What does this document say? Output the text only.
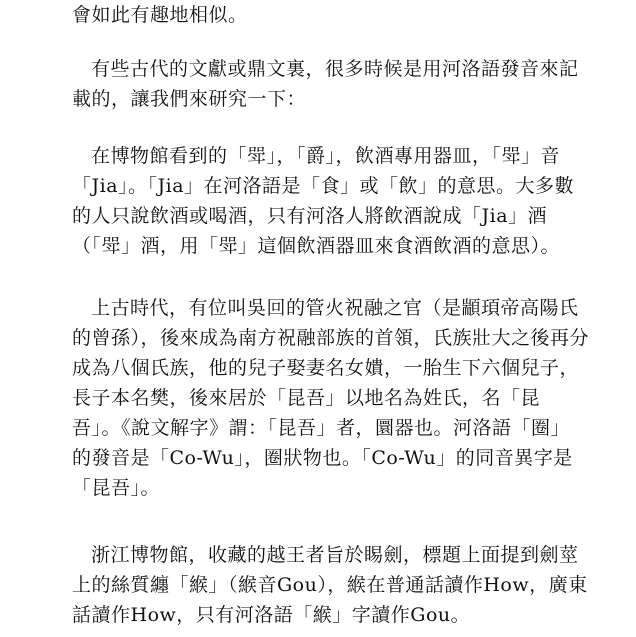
會如此有趣地相似。

有些古代的文獻或鼎文裏，很多時候是用河洛語發音來記
載的，讓我們來研究一下：

在博物館看到的「斝」，「爵」，飲酒專用器皿，「斝」音
「Jia」。「Jia」在河洛語是「食」或「飲」的意思。大多數
的人只說飲酒或喝酒，只有河洛人將飲酒說成「Jia」酒
（「斝」酒，用「斝」這個飲酒器皿來食酒飲酒的意思）。

上古時代，有位叫吳回的管火祝融之官（是顓頊帝高陽氏
的曾孫），後來成為南方祝融部族的首領，氏族壯大之後再分
成為八個氏族，他的兒子娶妻名女嬇，一胎生下六個兒子，
長子本名樊，後來居於「昆吾」以地名為姓氏，名「昆
吾」。《說文解字》謂：「昆吾」者，圜器也。河洛語「圈」
的發音是「Co-Wu」，圈狀物也。「Co-Wu」的同音異字是
「昆吾」。

浙江博物館，收藏的越王者旨於睗劍，標題上面提到劍莖
上的絲質纏「緱」（緱音Gou），緱在普通話讀作How，廣東
話讀作How，只有河洛語「緱」字讀作Gou。
